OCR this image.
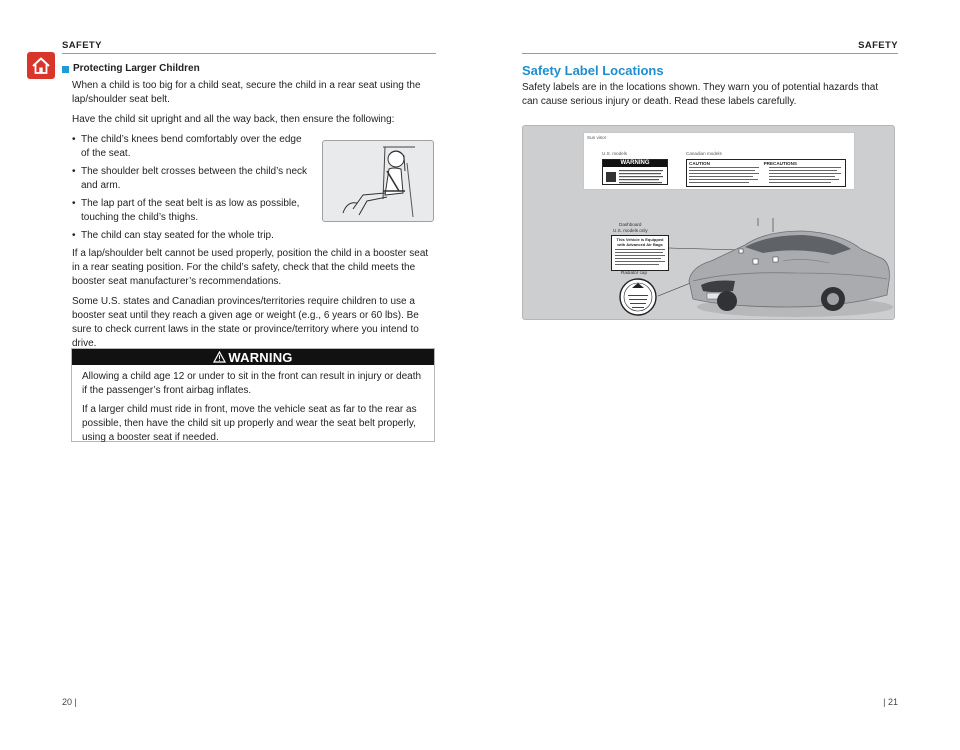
SAFETY	SAFETY
Protecting Larger Children

When a child is too big for a child seat, secure the child in a rear seat using the lap/shoulder seat belt.

Have the child sit upright and all the way back, then ensure the following:

• The child’s knees bend comfortably over the edge of the seat.
• The shoulder belt crosses between the child’s neck and arm.
• The lap part of the seat belt is as low as possible, touching the child’s thighs.
• The child can stay seated for the whole trip.

If a lap/shoulder belt cannot be used properly, position the child in a booster seat in a rear seating position. For the child’s safety, check that the child meets the booster seat manufacturer’s recommendations.

Some U.S. states and Canadian provinces/territories require children to use a booster seat until they reach a given age or weight (e.g., 6 years or 60 lbs). Be sure to check current laws in the state or province/territory where you intend to drive.

WARNING

Allowing a child age 12 or under to sit in the front can result in injury or death if the passenger’s front airbag inflates.

If a larger child must ride in front, move the vehicle seat as far to the rear as possible, then have the child sit up properly and wear the seat belt properly, using a booster seat if needed.

Safety Label Locations

Safety labels are in the locations shown. They warn you of potential hazards that can cause serious injury or death. Read these labels carefully.

Sun visor
U.S. models	Canadian models
WARNING	CAUTION	PRECAUTIONS
Dashboard
U.S. models only
This Vehicle is Equipped with Advanced Air Bags
Radiator cap
20 |	| 21
